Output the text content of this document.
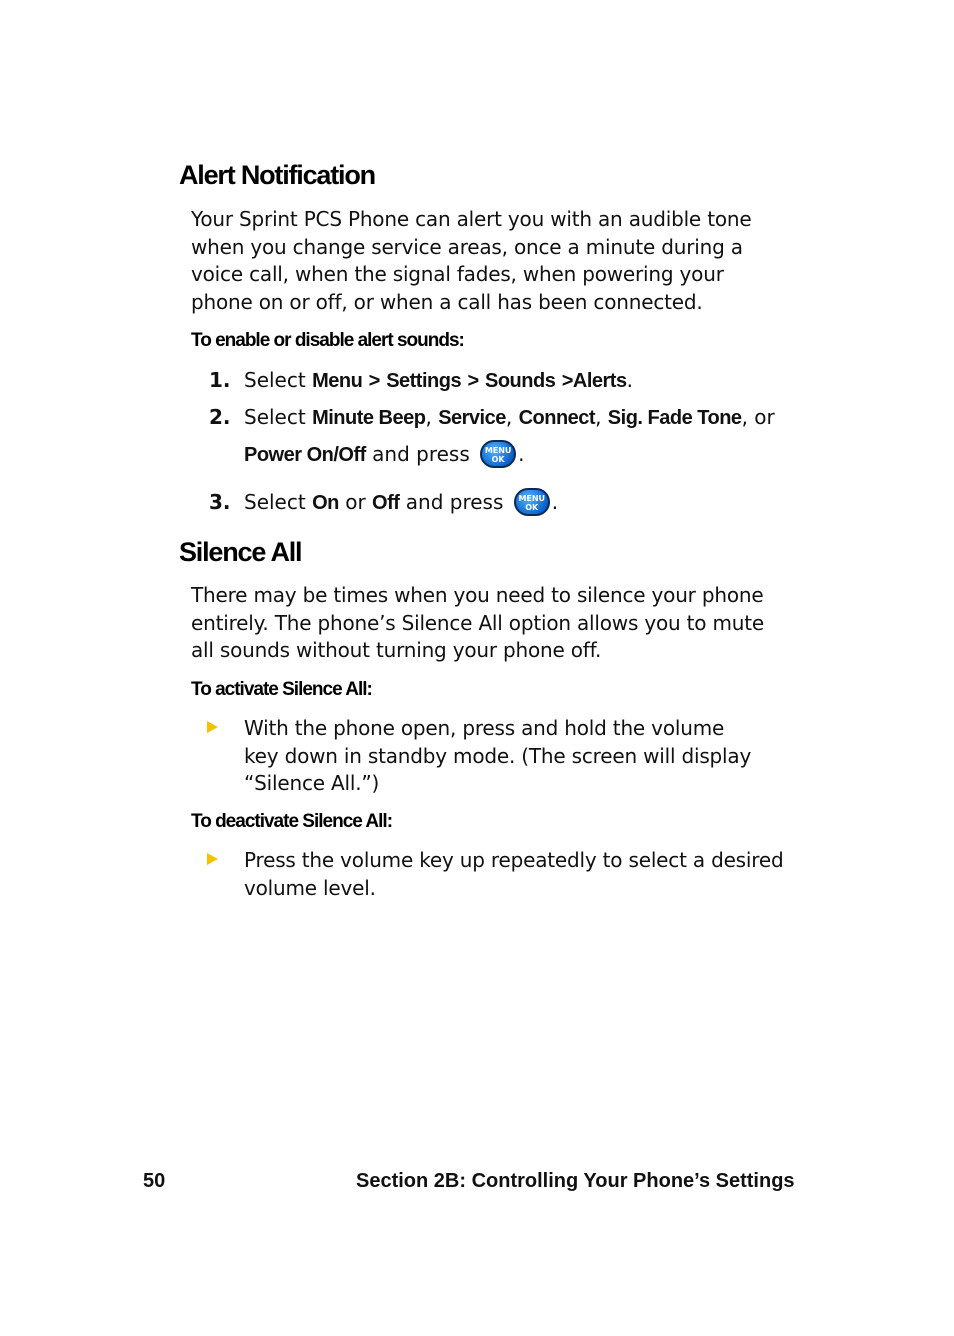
Alert Notification

Your Sprint PCS Phone can alert you with an audible tone when you change service areas, once a minute during a voice call, when the signal fades, when powering your phone on or off, or when a call has been connected.

To enable or disable alert sounds:

1. Select Menu > Settings > Sounds >Alerts.
2. Select Minute Beep, Service, Connect, Sig. Fade Tone, or
Power On/Off and press	MENU
OK .
3. Select On or Off and press	MENU
OK .
Silence All

There may be times when you need to silence your phone entirely. The phone’s Silence All option allows you to mute all sounds without turning your phone off.

To activate Silence All:

With the phone open, press and hold the volume
key down in standby mode. (The screen will display
“Silence All.”)

To deactivate Silence All:

Press the volume key up repeatedly to select a desired
volume level.
50	Section 2B: Controlling Your Phone’s Settings
